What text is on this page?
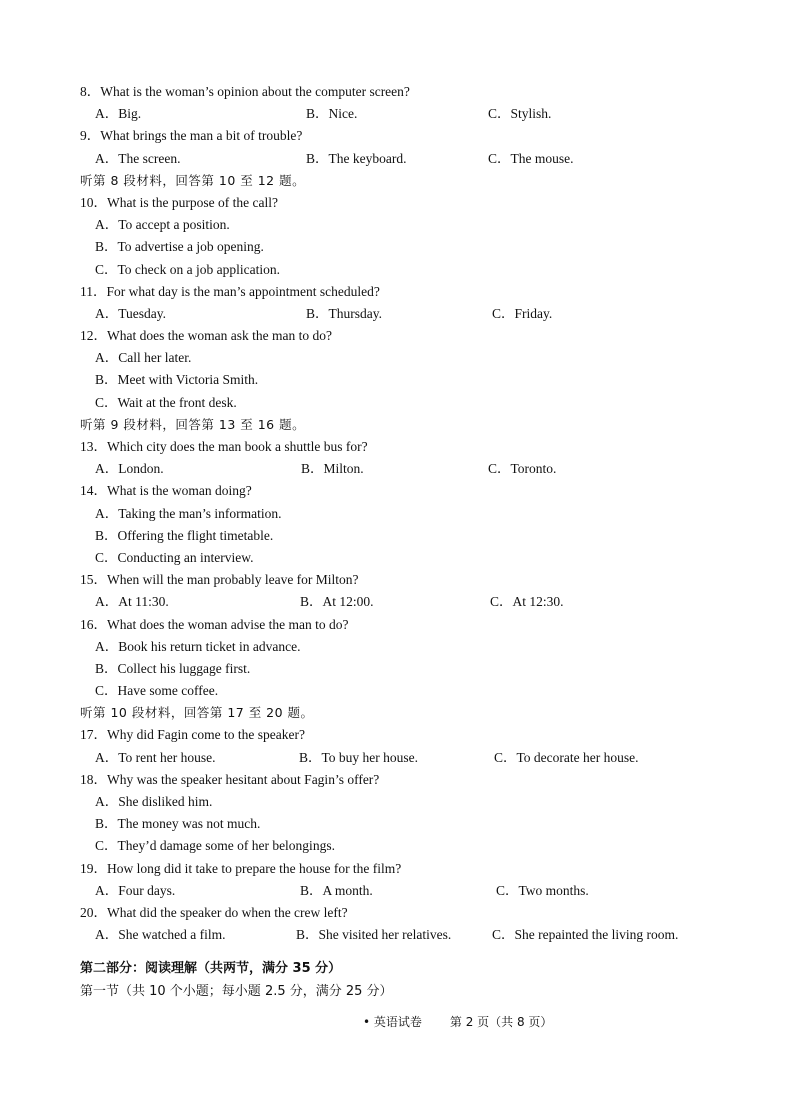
8．What is the woman’s opinion about the computer screen?
A．Big.	B．Nice.	C．Stylish.
9．What brings the man a bit of trouble?
A．The screen.	B．The keyboard.	C．The mouse.
听第 8 段材料，回答第 10 至 12 题。
10．What is the purpose of the call?
A．To accept a position.
B．To advertise a job opening.
C．To check on a job application.
11．For what day is the man’s appointment scheduled?
A．Tuesday.	B．Thursday.	C．Friday.
12．What does the woman ask the man to do?
A．Call her later.
B．Meet with Victoria Smith.
C．Wait at the front desk.
听第 9 段材料，回答第 13 至 16 题。
13．Which city does the man book a shuttle bus for?
A．London.	B．Milton.	C．Toronto.
14．What is the woman doing?
A．Taking the man’s information.
B．Offering the flight timetable.
C．Conducting an interview.
15．When will the man probably leave for Milton?
A．At 11:30.	B．At 12:00.	C．At 12:30.
16．What does the woman advise the man to do?
A．Book his return ticket in advance.
B．Collect his luggage first.
C．Have some coffee.
听第 10 段材料，回答第 17 至 20 题。
17．Why did Fagin come to the speaker?
A．To rent her house.	B．To buy her house.	C．To decorate her house.
18．Why was the speaker hesitant about Fagin’s offer?
A．She disliked him.
B．The money was not much.
C．They’d damage some of her belongings.
19．How long did it take to prepare the house for the film?
A．Four days.	B．A month.	C．Two months.
20．What did the speaker do when the crew left?
A．She watched a film.	B．She visited her relatives.	C．She repainted the living room.
第二部分：阅读理解（共两节，满分 35 分）
第一节（共 10 个小题；每小题 2.5 分，满分 25 分）
• 英语试卷 第 2 页（共 8 页）
